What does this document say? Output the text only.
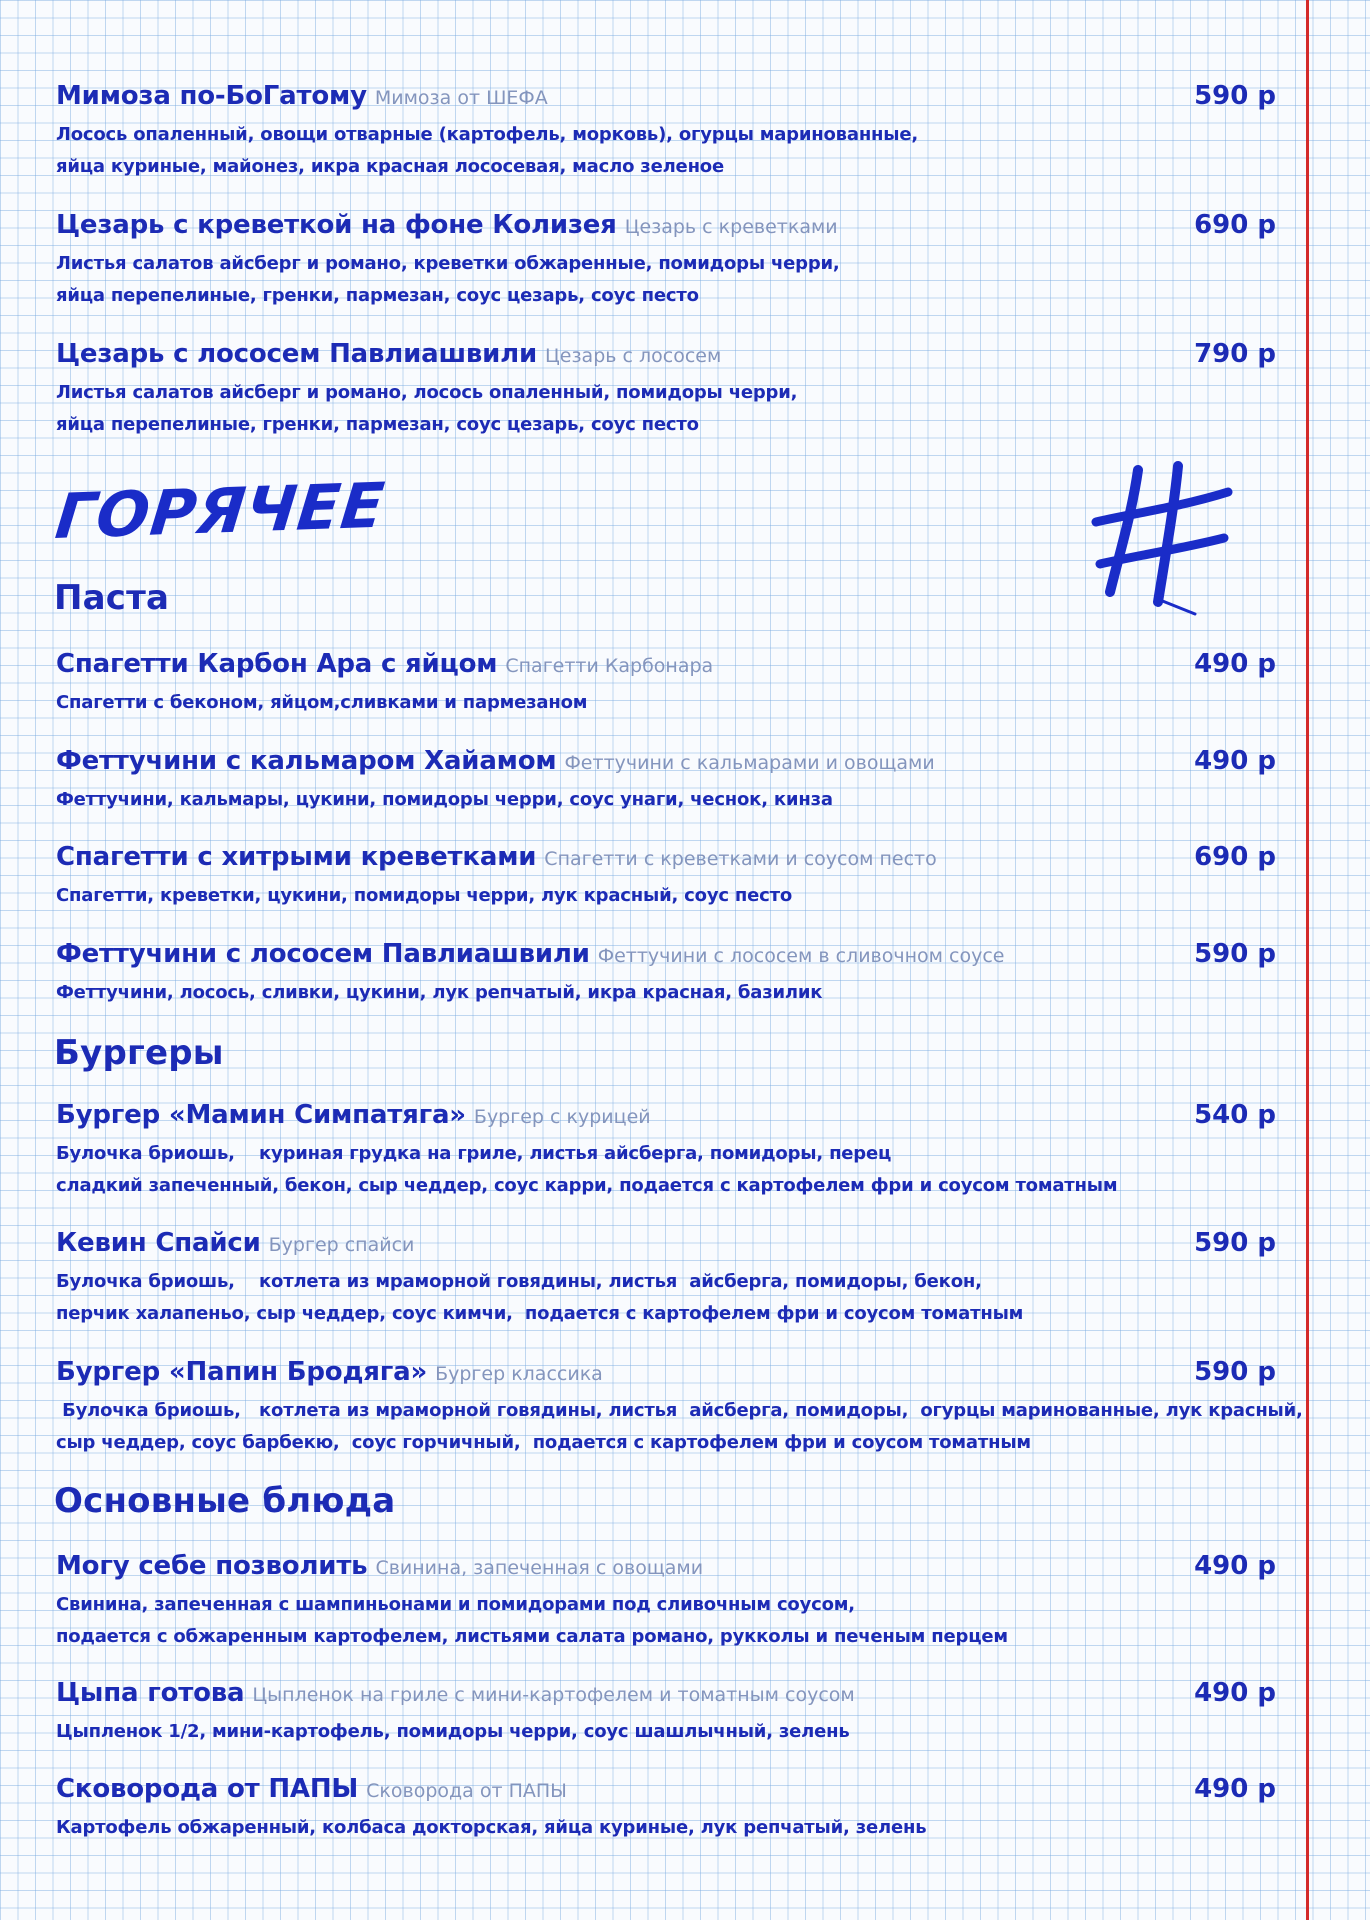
Мимоза по-БоГатому Мимоза от ШЕФА	590 р
Лосось опаленный, овощи отварные (картофель, морковь), огурцы маринованные,
яйца куриные, майонез, икра красная лососевая, масло зеленое
Цезарь с креветкой на фоне Колизея Цезарь с креветками	690 р
Листья салатов айсберг и романо, креветки обжаренные, помидоры черри,
яйца перепелиные, гренки, пармезан, соус цезарь, соус песто
Цезарь с лососем Павлиашвили Цезарь с лососем	790 р
Листья салатов айсберг и романо, лосось опаленный, помидоры черри,
яйца перепелиные, гренки, пармезан, соус цезарь, соус песто
ГОРЯЧЕЕ
Паста
Спагетти Карбон Ара с яйцом Спагетти Карбонара	490 р
Спагетти с беконом, яйцом,сливками и пармезаном
Феттучини с кальмаром Хайамом Феттучини с кальмарами и овощами	490 р
Феттучини, кальмары, цукини, помидоры черри, соус унаги, чеснок, кинза
Спагетти с хитрыми креветками Спагетти с креветками и соусом песто	690 р
Спагетти, креветки, цукини, помидоры черри, лук красный, соус песто
Феттучини с лососем Павлиашвили Феттучини с лососем в сливочном соусе	590 р
Феттучини, лосось, сливки, цукини, лук репчатый, икра красная, базилик
Бургеры
Бургер «Мамин Симпатяга» Бургер с курицей	540 р
Булочка бриошь,    куриная грудка на гриле, листья айсберга, помидоры, перец
сладкий запеченный, бекон, сыр чеддер, соус карри, подается с картофелем фри и соусом томатным
Кевин Спайси Бургер спайси	590 р
Булочка бриошь,    котлета из мраморной говядины, листья  айсберга, помидоры, бекон,
перчик халапеньо, сыр чеддер, соус кимчи,  подается с картофелем фри и соусом томатным
Бургер «Папин Бродяга» Бургер классика	590 р
Булочка бриошь,   котлета из мраморной говядины, листья  айсберга, помидоры,  огурцы маринованные, лук красный,
сыр чеддер, соус барбекю,  соус горчичный,  подается с картофелем фри и соусом томатным
Основные блюда
Могу себе позволить Свинина, запеченная с овощами	490 р
Свинина, запеченная с шампиньонами и помидорами под сливочным соусом,
подается с обжаренным картофелем, листьями салата романо, рукколы и печеным перцем
Цыпа готова Цыпленок на гриле с мини-картофелем и томатным соусом	490 р
Цыпленок 1/2, мини-картофель, помидоры черри, соус шашлычный, зелень
Сковорода от ПАПЫ Сковорода от ПАПЫ	490 р
Картофель обжаренный, колбаса докторская, яйца куриные, лук репчатый, зелень
